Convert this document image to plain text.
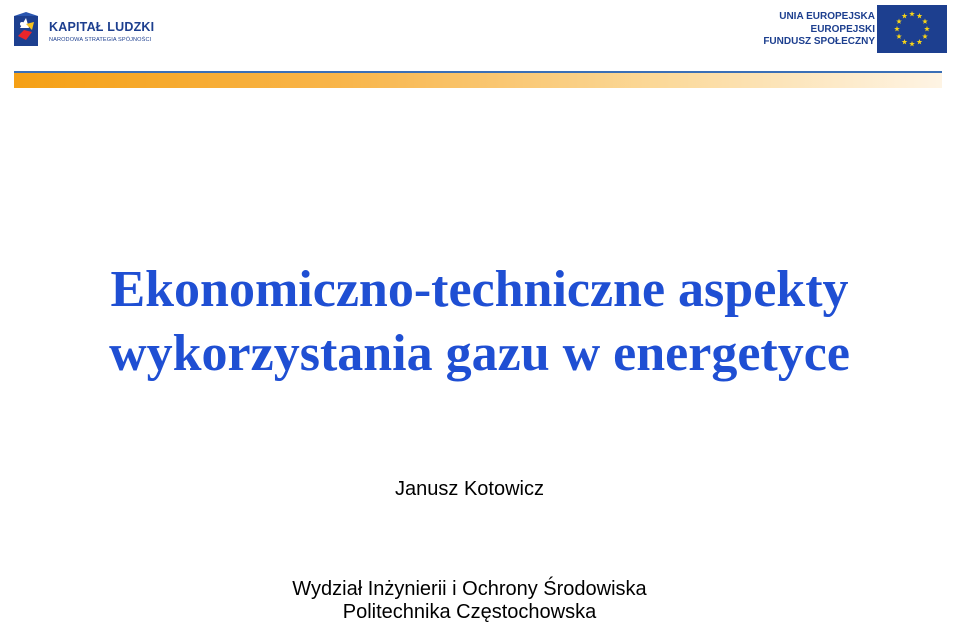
KAPITAŁ LUDZKI
NARODOWA STRATEGIA SPÓJNOŚCI
UNIA EUROPEJSKA
EUROPEJSKI
FUNDUSZ SPOŁECZNY
Ekonomiczno-techniczne aspekty
wykorzystania gazu w energetyce
Janusz Kotowicz
Wydział Inżynierii i Ochrony Środowiska
Politechnika Częstochowska
